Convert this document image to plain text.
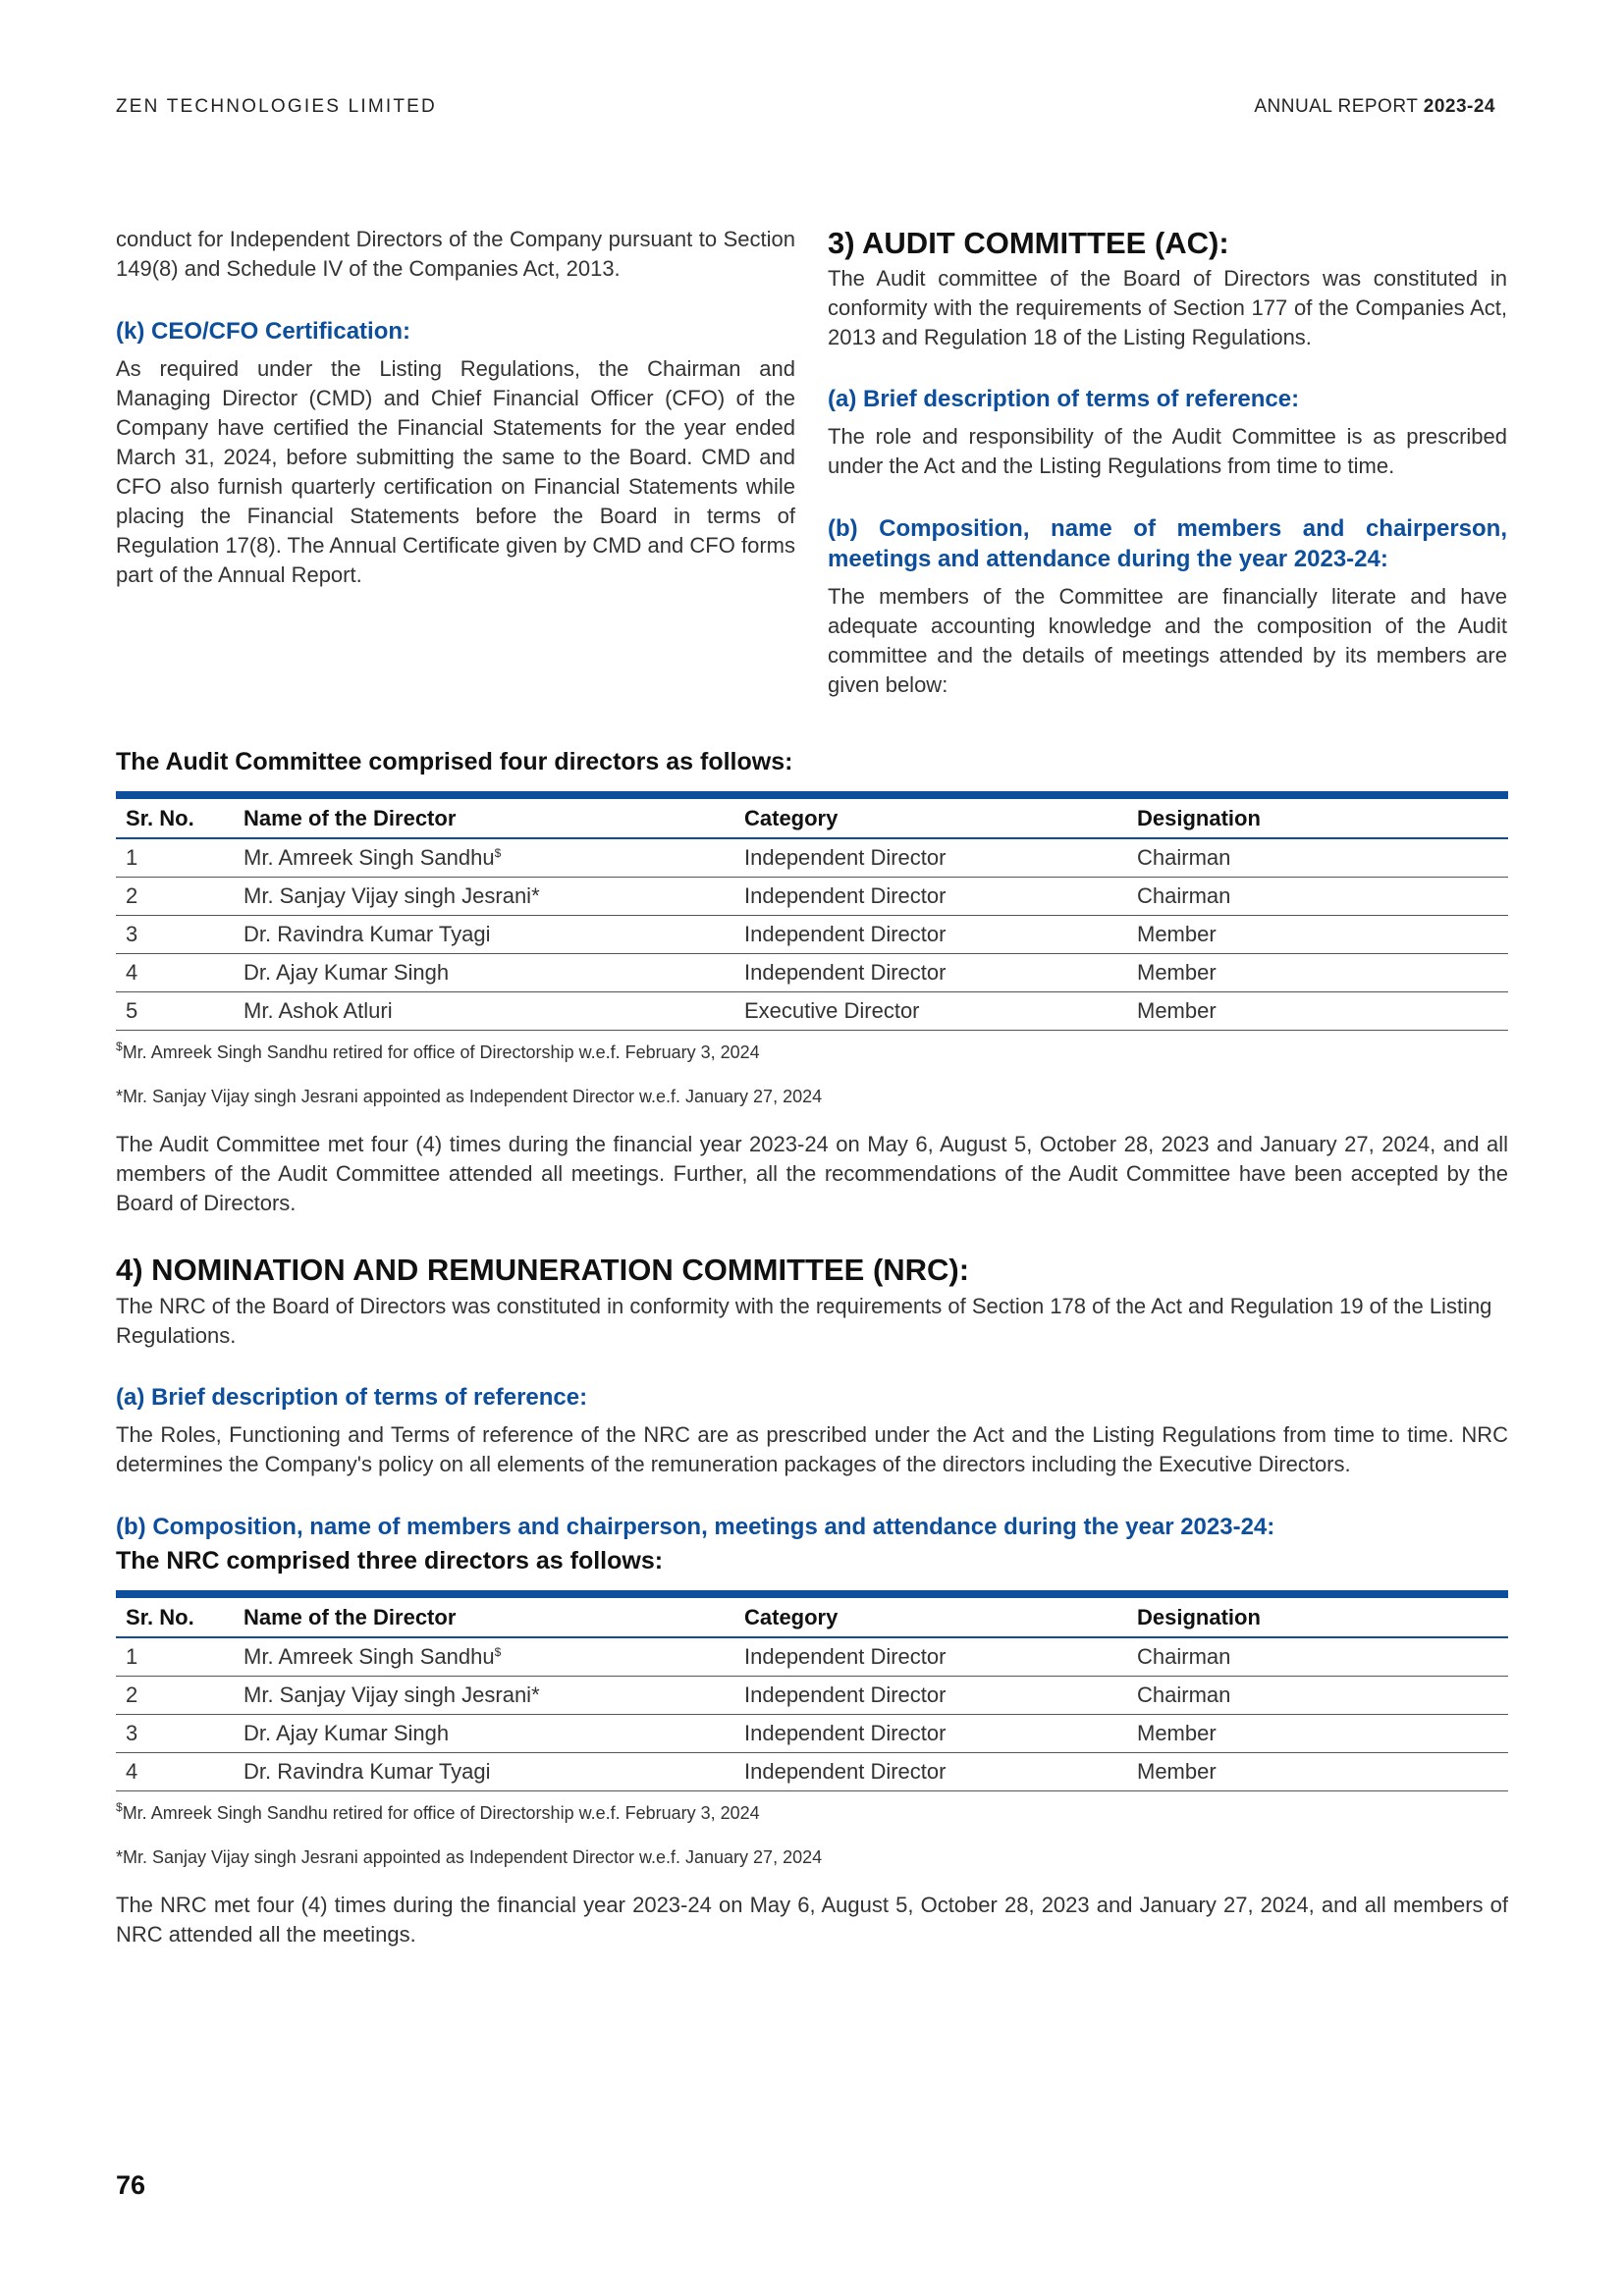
ZEN TECHNOLOGIES LIMITED	ANNUAL REPORT 2023-24

conduct for Independent Directors of the Company pursuant to Section 149(8) and Schedule IV of the Companies Act, 2013.

(k) CEO/CFO Certification:

As required under the Listing Regulations, the Chairman and Managing Director (CMD) and Chief Financial Officer (CFO) of the Company have certified the Financial Statements for the year ended March 31, 2024, before submitting the same to the Board. CMD and CFO also furnish quarterly certification on Financial Statements while placing the Financial Statements before the Board in terms of Regulation 17(8). The Annual Certificate given by CMD and CFO forms part of the Annual Report.

3) AUDIT COMMITTEE (AC):

The Audit committee of the Board of Directors was constituted in conformity with the requirements of Section 177 of the Companies Act, 2013 and Regulation 18 of the Listing Regulations.

(a) Brief description of terms of reference:

The role and responsibility of the Audit Committee is as prescribed under the Act and the Listing Regulations from time to time.

(b) Composition, name of members and chairperson, meetings and attendance during the year 2023-24:

The members of the Committee are financially literate and have adequate accounting knowledge and the composition of the Audit committee and the details of meetings attended by its members are given below:

The Audit Committee comprised four directors as follows:
Sr. No.	Name of the Director	Category	Designation
1	Mr. Amreek Singh Sandhu$	Independent Director	Chairman
2	Mr. Sanjay Vijay singh Jesrani*	Independent Director	Chairman
3	Dr. Ravindra Kumar Tyagi	Independent Director	Member
4	Dr. Ajay Kumar Singh	Independent Director	Member
5	Mr. Ashok Atluri	Executive Director	Member

$Mr. Amreek Singh Sandhu retired for office of Directorship w.e.f. February 3, 2024

*Mr. Sanjay Vijay singh Jesrani appointed as Independent Director w.e.f. January 27, 2024

The Audit Committee met four (4) times during the financial year 2023-24 on May 6, August 5, October 28, 2023 and January 27, 2024, and all members of the Audit Committee attended all meetings. Further, all the recommendations of the Audit Committee have been accepted by the Board of Directors.

4) NOMINATION AND REMUNERATION COMMITTEE (NRC):

The NRC of the Board of Directors was constituted in conformity with the requirements of Section 178 of the Act and Regulation 19 of the Listing Regulations.

(a) Brief description of terms of reference:

The Roles, Functioning and Terms of reference of the NRC are as prescribed under the Act and the Listing Regulations from time to time. NRC determines the Company's policy on all elements of the remuneration packages of the directors including the Executive Directors.

(b) Composition, name of members and chairperson, meetings and attendance during the year 2023-24:
The NRC comprised three directors as follows:
Sr. No.	Name of the Director	Category	Designation
1	Mr. Amreek Singh Sandhu$	Independent Director	Chairman
2	Mr. Sanjay Vijay singh Jesrani*	Independent Director	Chairman
3	Dr. Ajay Kumar Singh	Independent Director	Member
4	Dr. Ravindra Kumar Tyagi	Independent Director	Member

$Mr. Amreek Singh Sandhu retired for office of Directorship w.e.f. February 3, 2024

*Mr. Sanjay Vijay singh Jesrani appointed as Independent Director w.e.f. January 27, 2024

The NRC met four (4) times during the financial year 2023-24 on May 6, August 5, October 28, 2023 and January 27, 2024, and all members of NRC attended all the meetings.

76
